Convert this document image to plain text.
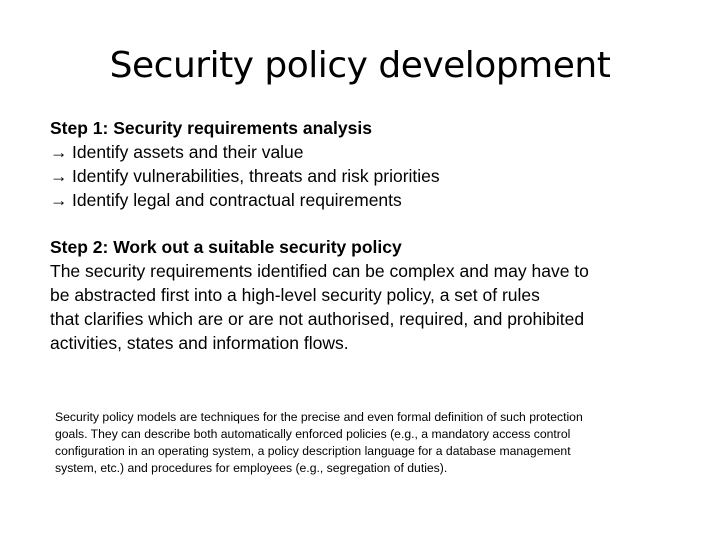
Security policy development
Step 1: Security requirements analysis
→ Identify assets and their value
→ Identify vulnerabilities, threats and risk priorities
→ Identify legal and contractual requirements
Step 2: Work out a suitable security policy
The security requirements identified can be complex and may have to
be abstracted first into a high-level security policy, a set of rules
that clarifies which are or are not authorised, required, and prohibited
activities, states and information flows.
Security policy models are techniques for the precise and even formal definition of such protection
goals. They can describe both automatically enforced policies (e.g., a mandatory access control
configuration in an operating system, a policy description language for a database management
system, etc.) and procedures for employees (e.g., segregation of duties).
